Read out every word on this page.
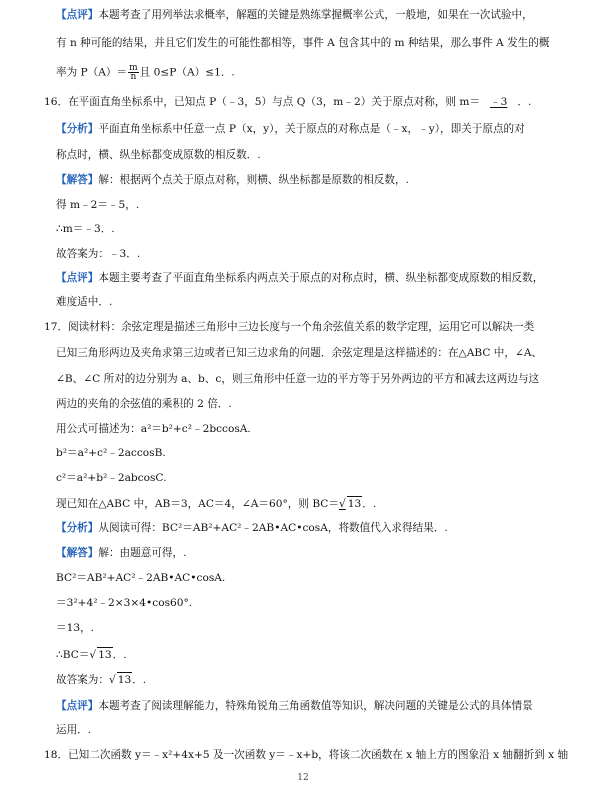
【点评】本题考查了用列举法求概率，解题的关键是熟练掌握概率公式，一般地，如果在一次试验中，
有 n 种可能的结果，并且它们发生的可能性都相等，事件 A 包含其中的 m 种结果，那么事件 A 发生的概
率为 $P(A)= \frac{m}{n}$ 且 0≤P（A）≤1．.
16．在平面直角坐标系中，已知点 P（﹣3，5）与点 Q（3，m﹣2）关于原点对称，则 m＝ ﹣3 ．.
【分析】平面直角坐标系中任意一点 P（x，y），关于原点的对称点是（﹣x，﹣y），即关于原点的对
称点时，横、纵坐标都变成原数的相反数．.
【解答】解：根据两个点关于原点对称，则横、纵坐标都是原数的相反数，.
得 m﹣2＝﹣5，.
∴m＝﹣3．.
故答案为：﹣3．.
【点评】本题主要考查了平面直角坐标系内两点关于原点的对称点时，横、纵坐标都变成原数的相反数，
难度适中．.
17．阅读材料：余弦定理是描述三角形中三边长度与一个角余弦值关系的数学定理，运用它可以解决一类
已知三角形两边及夹角求第三边或者已知三边求角的问题．余弦定理是这样描述的：在△ABC 中，∠A、
∠B、∠C 所对的边分别为 a、b、c，则三角形中任意一边的平方等于另外两边的平方和减去这两边与这
两边的夹角的余弦值的乘积的 2 倍．.
用公式可描述为：a²＝b²+c²﹣2bccosA.
b²＝a²+c²﹣2accosB.
c²＝a²+b²﹣2abcosC.
现已知在△ABC 中，AB＝3，AC＝4，∠A＝60°，则 BC＝√ 13．.
【分析】从阅读可得：BC²＝AB²+AC²﹣2AB•AC•cosA，将数值代入求得结果．.
【解答】解：由题意可得，.
BC²＝AB²+AC²﹣2AB•AC•cosA.
＝3²+4²﹣2×3×4•cos60°.
＝13，.
∴BC＝√ 13．.
故答案为：√ 13．.
【点评】本题考查了阅读理解能力，特殊角锐角三角函数值等知识，解决问题的关键是公式的具体情景
运用．.
18．已知二次函数 y＝﹣x²+4x+5 及一次函数 y＝﹣x+b，将该二次函数在 x 轴上方的图象沿 x 轴翻折到 x 轴
12
